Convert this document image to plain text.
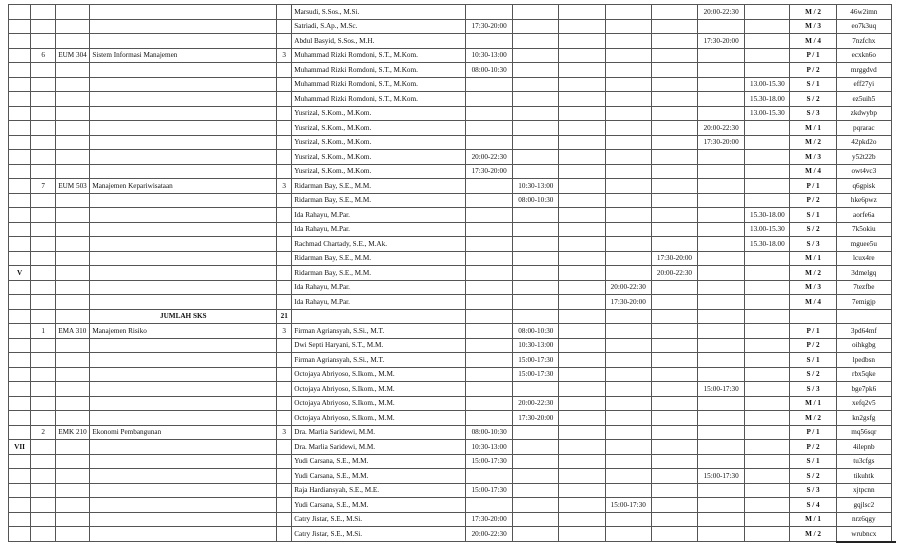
					Marsudi, S.Sos., M.Si.						20:00-22:30		M / 2	46w2imn
					Satriadi, S.Ap., M.Sc.	17:30-20:00							M / 3	eo7k3uq
					Abdul Basyid, S.Sos., M.H.						17:30-20:00		M / 4	7nzfchx
	6	EUM 304	Sistem Informasi Manajemen	3	Muhammad Rizki Romdoni, S.T., M.Kom.	10:30-13:00							P / 1	ecxkn6o
					Muhammad Rizki Romdoni, S.T., M.Kom.	08:00-10:30							P / 2	mrggdvd
					Muhammad Rizki Romdoni, S.T., M.Kom.							13.00-15.30	S / 1	eff27yi
					Muhammad Rizki Romdoni, S.T., M.Kom.							15.30-18.00	S / 2	ez5uih5
					Yusrizal, S.Kom., M.Kom.							13.00-15.30	S / 3	zkdwybp
					Yusrizal, S.Kom., M.Kom.						20:00-22:30		M / 1	pqrarac
					Yusrizal, S.Kom., M.Kom.						17:30-20:00		M / 2	42pkd2o
					Yusrizal, S.Kom., M.Kom.	20:00-22:30							M / 3	y52t22b
					Yusrizal, S.Kom., M.Kom.	17:30-20:00							M / 4	owt4vc3
	7	EUM 503	Manajemen Kepariwisataan	3	Ridarman Bay, S.E., M.M.		10:30-13:00						P / 1	q6gpisk
					Ridarman Bay, S.E., M.M.		08:00-10:30						P / 2	hke6pwz
					Ida Rahayu, M.Par.							15.30-18.00	S / 1	aorfe6a
					Ida Rahayu, M.Par.							13.00-15.30	S / 2	7k5okiu
					Rachmad Chartady, S.E., M.Ak.							15.30-18.00	S / 3	mguee5u
					Ridarman Bay, S.E., M.M.					17:30-20:00			M / 1	lcux4re
V					Ridarman Bay, S.E., M.M.					20:00-22:30			M / 2	3dmelgq
					Ida Rahayu, M.Par.				20:00-22:30				M / 3	7tezfbe
					Ida Rahayu, M.Par.				17:30-20:00				M / 4	7emigjp
			JUMLAH SKS	21										
	1	EMA 310	Manajemen Risiko	3	Firman Agriansyah, S.Si., M.T.		08:00-10:30						P / 1	3pd64mf
					Dwi Septi Haryani, S.T., M.M.		10:30-13:00						P / 2	oihkgbg
					Firman Agriansyah, S.Si., M.T.		15:00-17:30						S / 1	lpedbsn
					Octojaya Abriyoso, S.Ikom., M.M.		15:00-17:30						S / 2	rbx5qke
					Octojaya Abriyoso, S.Ikom., M.M.						15:00-17:30		S / 3	bge7pk6
					Octojaya Abriyoso, S.Ikom., M.M.		20:00-22:30						M / 1	xefq2v5
					Octojaya Abriyoso, S.Ikom., M.M.		17:30-20:00						M / 2	kn2gsfg
	2	EMK 210	Ekonomi Pembangunan	3	Dra. Marlia Saridewi, M.M.	08:00-10:30							P / 1	mq56sqr
VII					Dra. Marlia Saridewi, M.M.	10:30-13:00							P / 2	4ilepnb
					Yudi Carsana, S.E., M.M.	15:00-17:30							S / 1	tu3cfgs
					Yudi Carsana, S.E., M.M.						15:00-17:30		S / 2	tikuhtk
					Raja Hardiansyah, S.E., M.E.	15:00-17:30							S / 3	xjtpcnn
					Yudi Carsana, S.E., M.M.				15:00-17:30				S / 4	gqjlsc2
					Catry Jistar, S.E., M.Si.	17:30-20:00							M / 1	nrz6qgy
					Catry Jistar, S.E., M.Si.	20:00-22:30							M / 2	wrubncx
